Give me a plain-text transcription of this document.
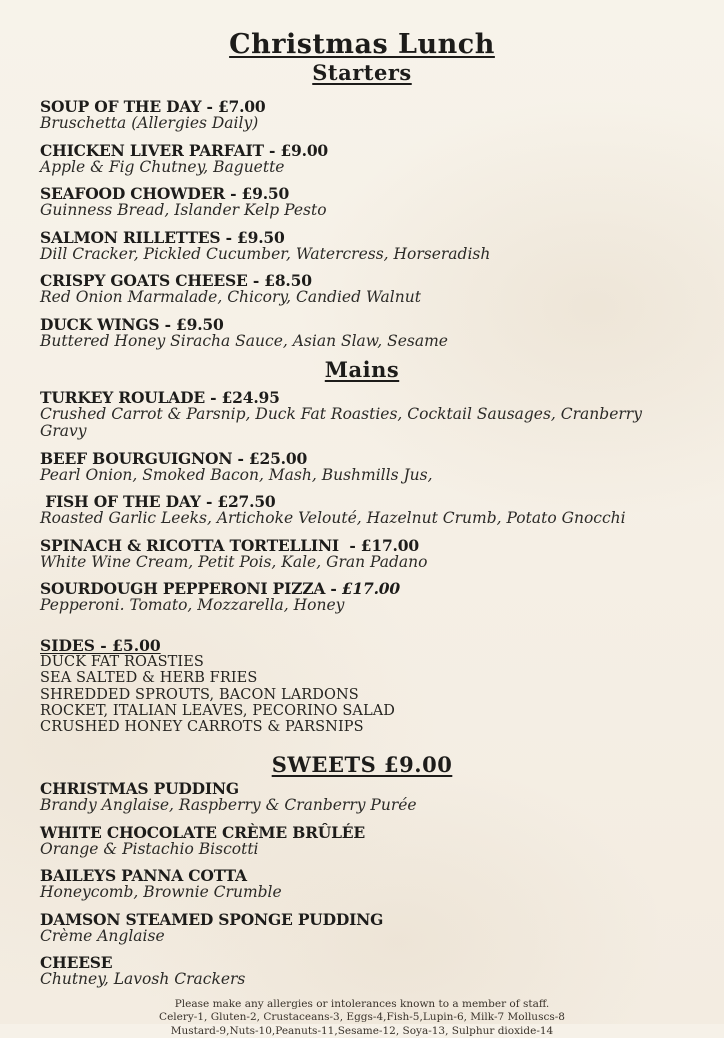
Christmas Lunch
Starters
SOUP OF THE DAY - £7.00
Bruschetta (Allergies Daily)
CHICKEN LIVER PARFAIT - £9.00
Apple & Fig Chutney, Baguette
SEAFOOD CHOWDER - £9.50
Guinness Bread, Islander Kelp Pesto
SALMON RILLETTES - £9.50
Dill Cracker, Pickled Cucumber, Watercress, Horseradish
CRISPY GOATS CHEESE - £8.50
Red Onion Marmalade, Chicory, Candied Walnut
DUCK WINGS - £9.50
Buttered Honey Siracha Sauce, Asian Slaw, Sesame
Mains
TURKEY ROULADE - £24.95
Crushed Carrot & Parsnip, Duck Fat Roasties, Cocktail Sausages, Cranberry Gravy
BEEF BOURGUIGNON - £25.00
Pearl Onion, Smoked Bacon, Mash, Bushmills Jus,
FISH OF THE DAY - £27.50
Roasted Garlic Leeks, Artichoke Velouté, Hazelnut Crumb, Potato Gnocchi
SPINACH & RICOTTA TORTELLINI  - £17.00
White Wine Cream, Petit Pois, Kale, Gran Padano
SOURDOUGH PEPPERONI PIZZA - £17.00
Pepperoni. Tomato, Mozzarella, Honey
SIDES - £5.00
DUCK FAT ROASTIES
SEA SALTED & HERB FRIES
SHREDDED SPROUTS, BACON LARDONS
ROCKET, ITALIAN LEAVES, PECORINO SALAD
CRUSHED HONEY CARROTS & PARSNIPS
SWEETS £9.00
CHRISTMAS PUDDING
Brandy Anglaise, Raspberry & Cranberry Purée
WHITE CHOCOLATE CRÈME BRÛLÉE
Orange & Pistachio Biscotti
BAILEYS PANNA COTTA
Honeycomb, Brownie Crumble
DAMSON STEAMED SPONGE PUDDING
Crème Anglaise
CHEESE
Chutney, Lavosh Crackers
Please make any allergies or intolerances known to a member of staff.
Celery-1, Gluten-2, Crustaceans-3, Eggs-4,Fish-5,Lupin-6, Milk-7 Molluscs-8
Mustard-9,Nuts-10,Peanuts-11,Sesame-12, Soya-13, Sulphur dioxide-14
